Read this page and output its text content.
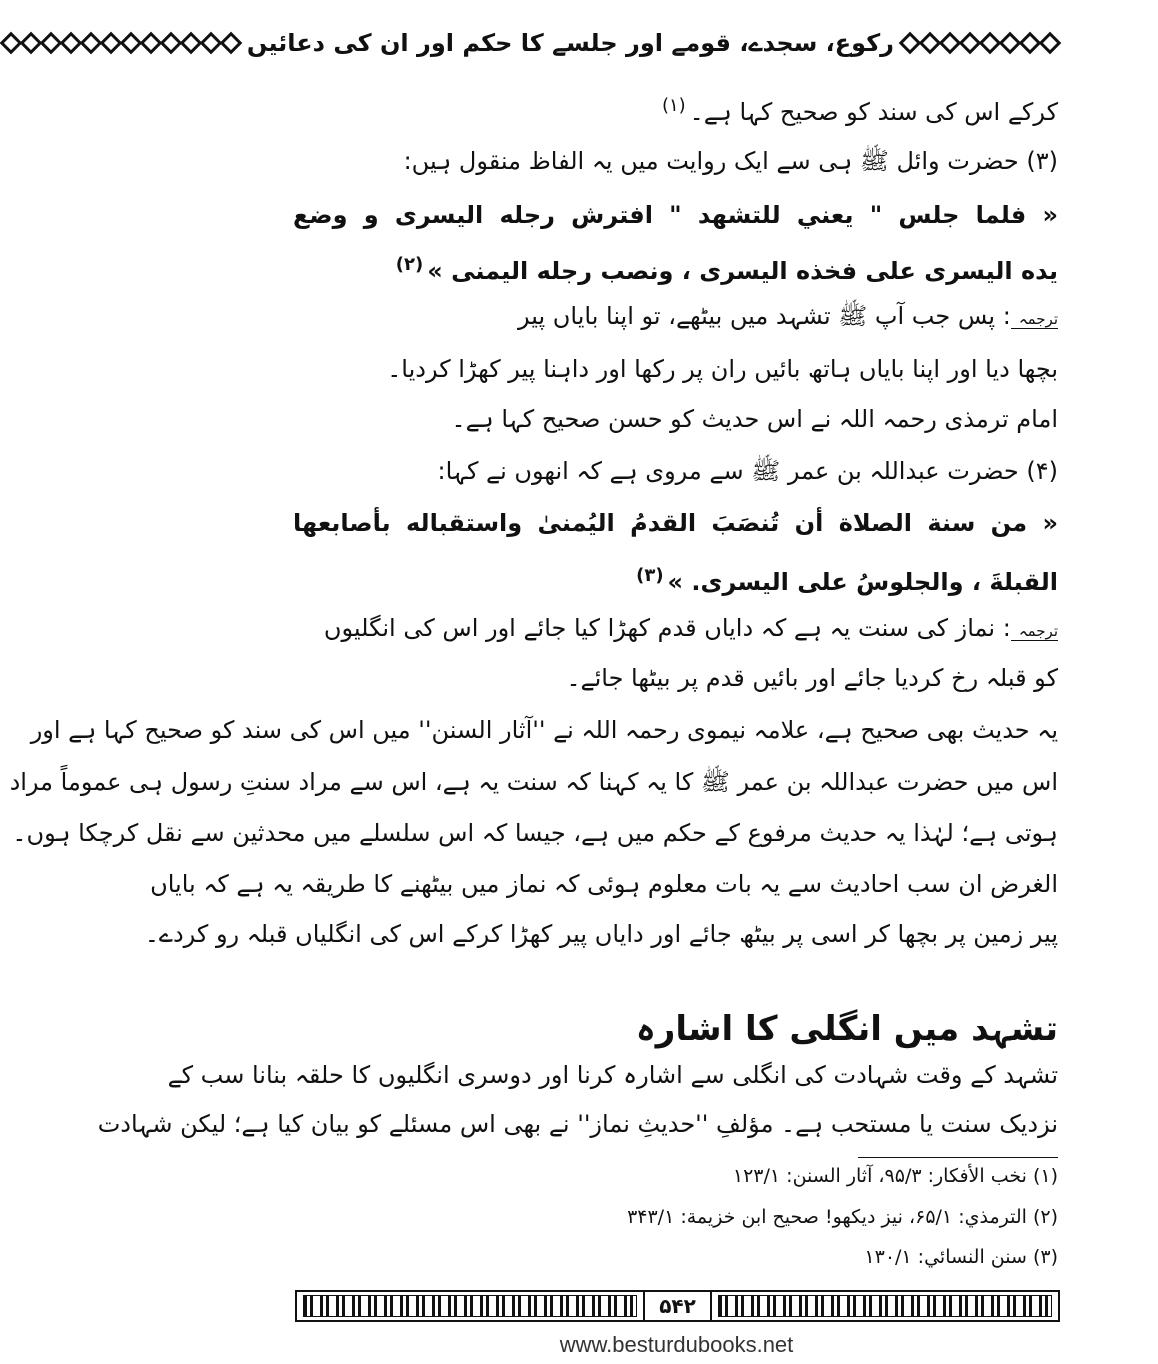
رکوع، سجدے، قومے اور جلسے کا حکم اور ان کی دعائیں
کرکے اس کی سند کو صحیح کہا ہے۔$^{(۱)}$
(۳) حضرت وائل ﷺ ہی سے ایک روایت میں یہ الفاظ منقول ہیں:
« فلما جلس " يعني للتشهد " افترش رجله اليسرى و وضع
يده اليسرى على فخذه اليسرى ، ونصب رجله اليمنى »$^{(۲)}$
ترجمہ: پس جب آپ ﷺ تشہد میں بیٹھے، تو اپنا بایاں پیر
بچھا دیا اور اپنا بایاں ہاتھ بائیں ران پر رکھا اور داہنا پیر کھڑا کردیا۔
امام ترمذی رحمہ اللہ نے اس حدیث کو حسن صحیح کہا ہے۔
(۴) حضرت عبداللہ بن عمر ﷺ سے مروی ہے کہ انھوں نے کہا:
« من سنة الصلاة أن تُنصَبَ القدمُ اليُمنىٰ واستقباله بأصابعها
القبلةَ ، والجلوسُ على اليسرى. »$^{(۳)}$
ترجمہ: نماز کی سنت یہ ہے کہ دایاں قدم کھڑا کیا جائے اور اس کی انگلیوں
کو قبلہ رخ کردیا جائے اور بائیں قدم پر بیٹھا جائے۔
یہ حدیث بھی صحیح ہے، علامہ نیموی رحمہ اللہ نے ''آثار السنن'' میں اس کی سند کو صحیح کہا ہے اور
اس میں حضرت عبداللہ بن عمر ﷺ کا یہ کہنا کہ سنت یہ ہے، اس سے مراد سنتِ رسول ہی عموماً مراد
ہوتی ہے؛ لہٰذا یہ حدیث مرفوع کے حکم میں ہے، جیسا کہ اس سلسلے میں محدثین سے نقل کرچکا ہوں۔
الغرض ان سب احادیث سے یہ بات معلوم ہوئی کہ نماز میں بیٹھنے کا طریقہ یہ ہے کہ بایاں
پیر زمین پر بچھا کر اسی پر بیٹھ جائے اور دایاں پیر کھڑا کرکے اس کی انگلیاں قبلہ رو کردے۔
تشہد میں انگلی کا اشارہ
تشہد کے وقت شہادت کی انگلی سے اشارہ کرنا اور دوسری انگلیوں کا حلقہ بنانا سب کے
نزدیک سنت یا مستحب ہے۔ مؤلفِ ''حدیثِ نماز'' نے بھی اس مسئلے کو بیان کیا ہے؛ لیکن شہادت
(۱) نخب الأفكار: ۹۵/۳، آثار السنن: ۱۲۳/۱
(۲) الترمذي: ۶۵/۱، نیز دیکھو! صحيح ابن خزيمة: ۳۴۳/۱
(۳) سنن النسائي: ۱۳۰/۱
۵۴۲
www.besturdubooks.net
